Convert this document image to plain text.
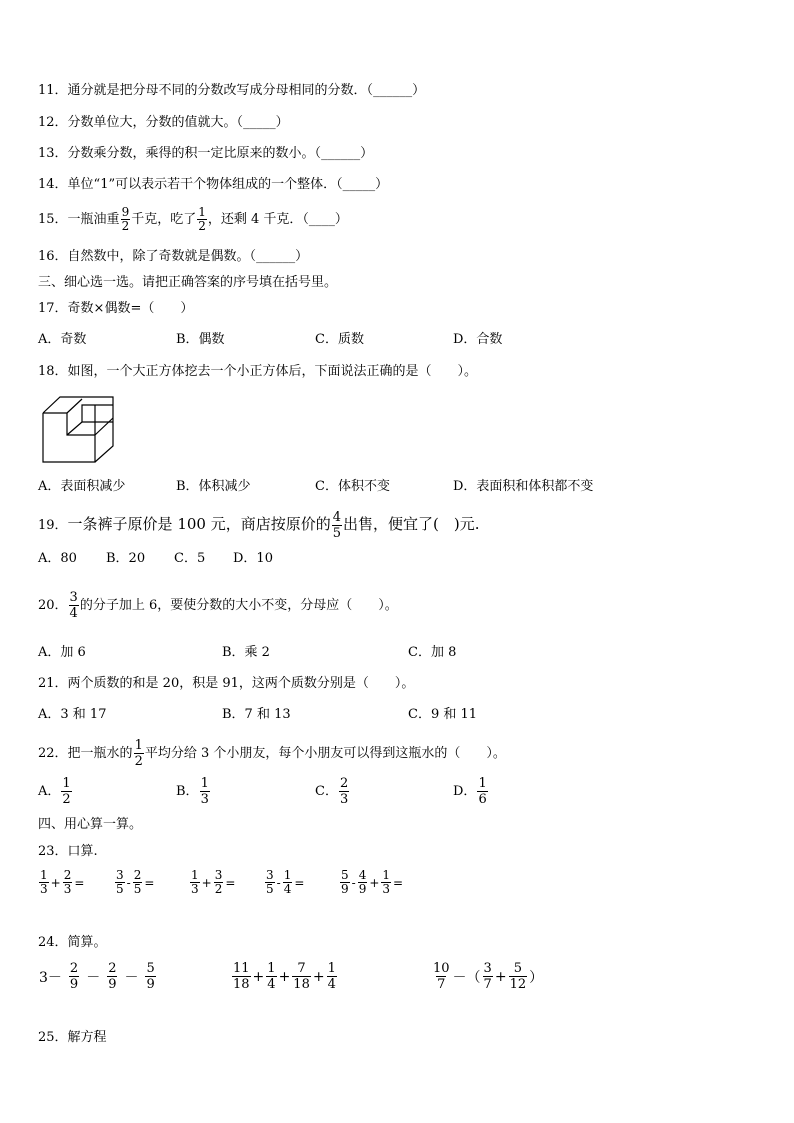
11．通分就是把分母不同的分数改写成分母相同的分数．（______）
12．分数单位大，分数的值就大。（_____）
13．分数乘分数，乘得的积一定比原来的数小。（______）
14．单位“1”可以表示若干个物体组成的一个整体．（_____）
15．一瓶油重 $\frac{9}{2}$ 千克，吃了 $\frac{1}{2}$ ，还剩 4 千克．（____）
16．自然数中，除了奇数就是偶数。（______）
三、细心选一选。请把正确答案的序号填在括号里。
17．奇数×偶数=（　　）
A．奇数	B．偶数	C．质数	D．合数
18．如图，一个大正方体挖去一个小正方体后，下面说法正确的是（　　）。
A．表面积减少	B．体积减少	C．体积不变	D．表面积和体积都不变
19．一条裤子原价是 100 元，商店按原价的 $\frac{4}{5}$ 出售，便宜了(　)元.
A．80 B．20 C．5 D．10
20． $\frac{3}{4}$ 的分子加上 6，要使分数的大小不变，分母应（　　）。
A．加 6	B．乘 2	C．加 8
21．两个质数的和是 20，积是 91，这两个质数分别是（　　）。
A．3 和 17	B．7 和 13	C．9 和 11
22．把一瓶水的 $\frac{1}{2}$ 平均分给 3 个小朋友，每个小朋友可以得到这瓶水的（　　）。
A． $\frac{1}{2}$	B． $\frac{1}{3}$	C． $\frac{2}{3}$	D． $\frac{1}{6}$
四、用心算一算。
23．口算.
$\frac{1}{3} + \frac{2}{3}$ =	$\frac{3}{5} - \frac{2}{5}$ =	$\frac{1}{3} + \frac{3}{2} = \frac{3}{5} - \frac{1}{4}$ =	$\frac{5}{9} - \frac{4}{9} + \frac{1}{3}$ =
24．简算。
$3- \frac{2}{9} - \frac{2}{9} - \frac{5}{9}$	$\frac{11}{18} + \frac{1}{4} + \frac{7}{18} + \frac{1}{4}$	$\frac{10}{7}$ －（ $\frac{3}{7} + \frac{5}{12}$ ）
25．解方程
